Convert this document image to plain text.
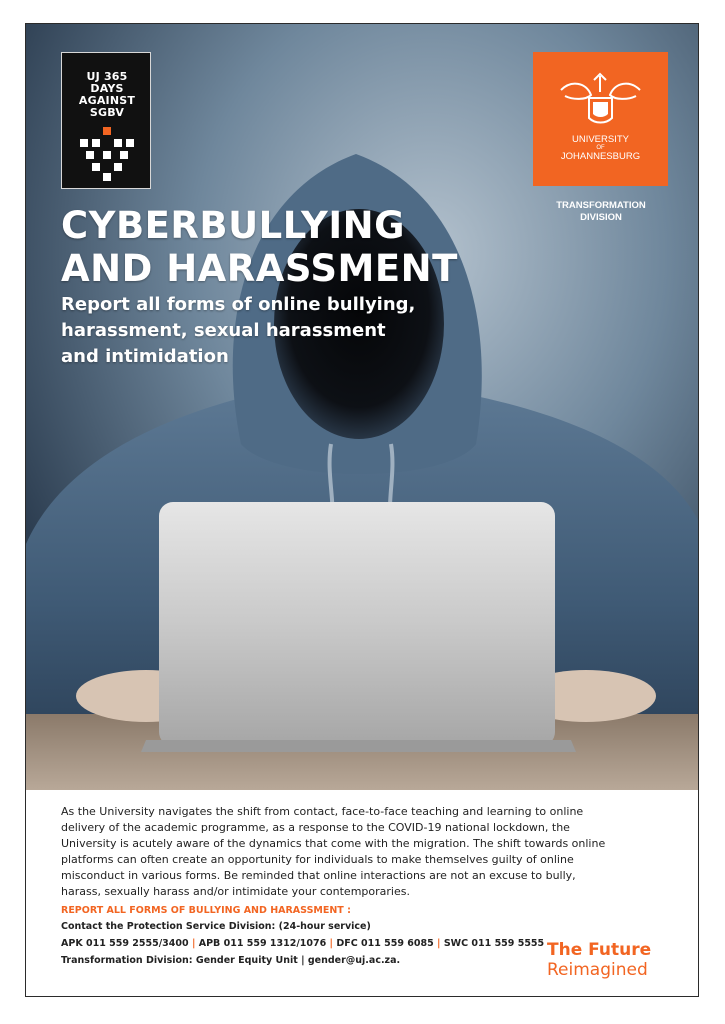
UJ 365
DAYS
AGAINST
SGBV
UNIVERSITY
OF
JOHANNESBURG
TRANSFORMATION
DIVISION
CYBERBULLYING
AND HARASSMENT
Report all forms of online bullying,
harassment, sexual harassment
and intimidation
As the University navigates the shift from contact, face-to-face teaching and learning to online
delivery of the academic programme, as a response to the COVID-19 national lockdown, the
University is acutely aware of the dynamics that come with the migration. The shift towards online
platforms can often create an opportunity for individuals to make themselves guilty of online
misconduct in various forms. Be reminded that online interactions are not an excuse to bully,
harass, sexually harass and/or intimidate your contemporaries.
REPORT ALL FORMS OF BULLYING AND HARASSMENT :
Contact the Protection Service Division: (24-hour service)
APK 011 559 2555/3400 | APB 011 559 1312/1076 | DFC 011 559 6085 | SWC 011 559 5555
Transformation Division: Gender Equity Unit | gender@uj.ac.za.
The Future
Reimagined
